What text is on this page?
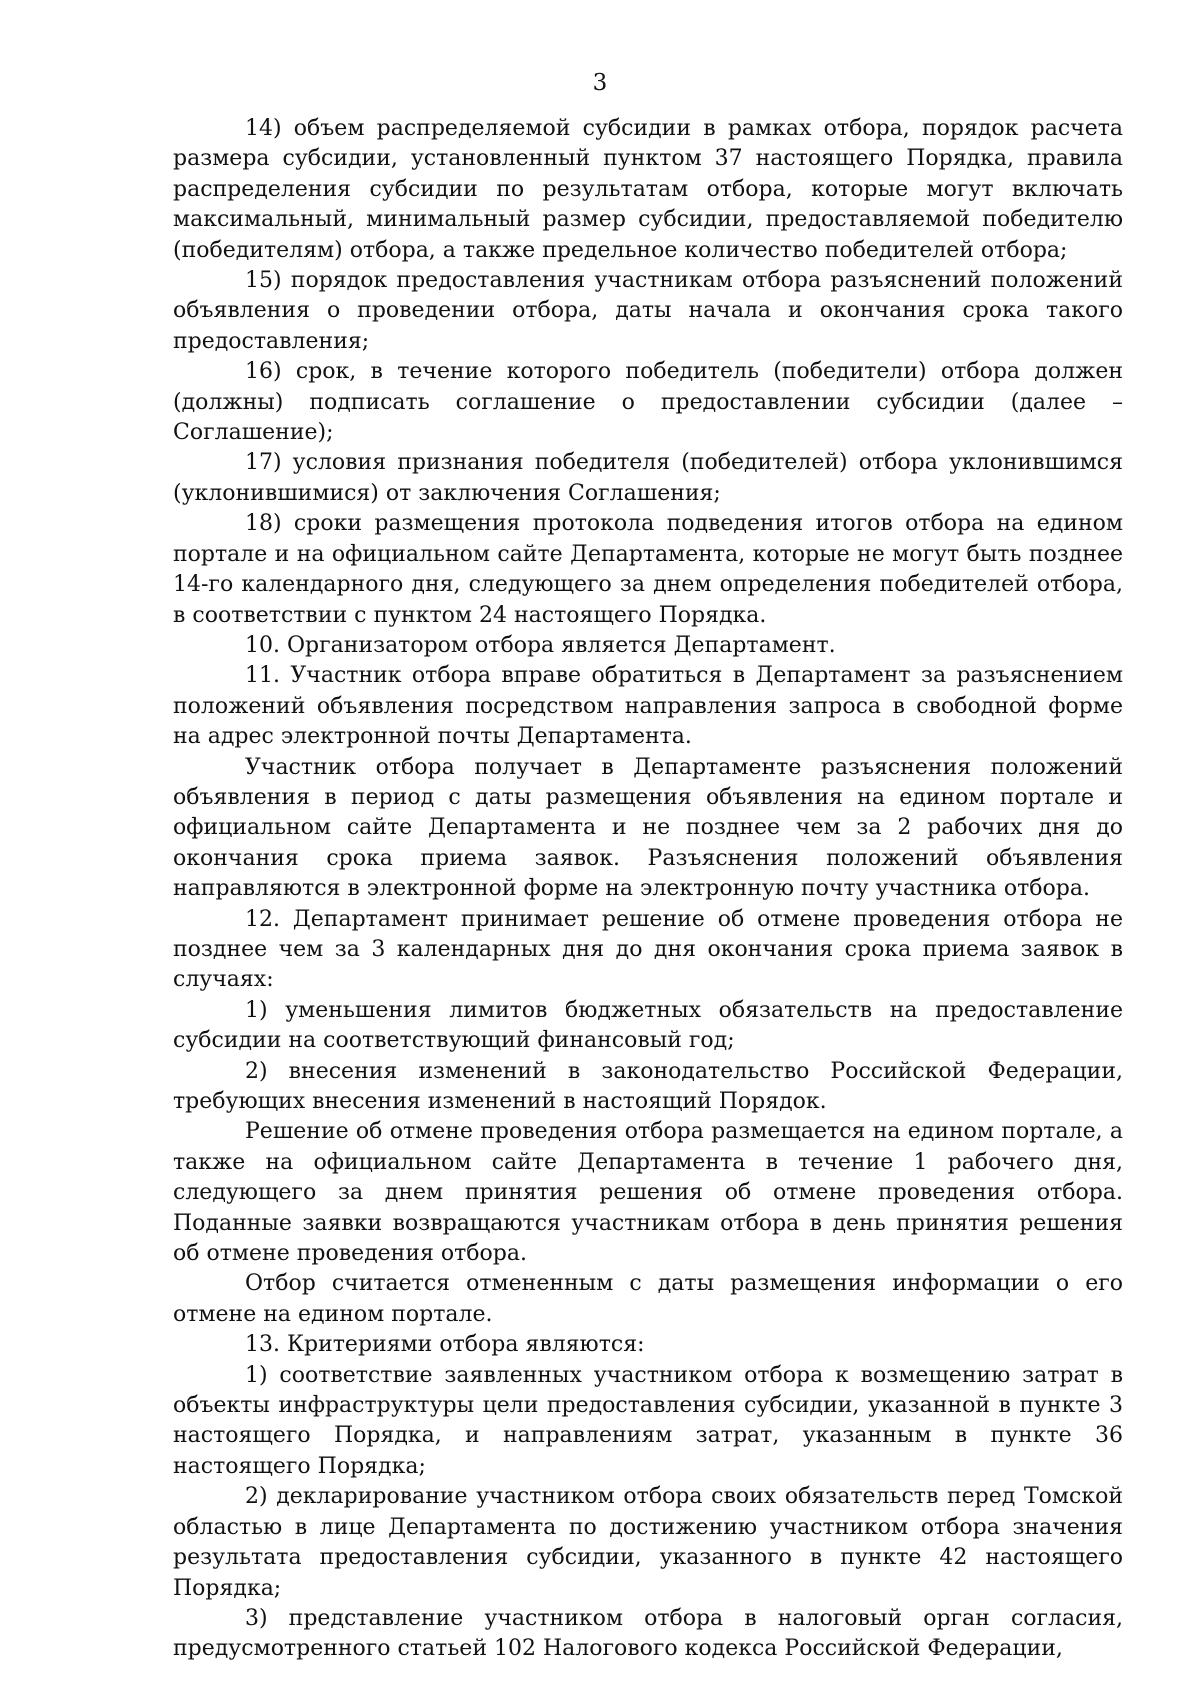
3

14) объем распределяемой субсидии в рамках отбора, порядок расчета размера субсидии, установленный пунктом 37 настоящего Порядка, правила распределения субсидии по результатам отбора, которые могут включать максимальный, минимальный размер субсидии, предоставляемой победителю (победителям) отбора, а также предельное количество победителей отбора;

15) порядок предоставления участникам отбора разъяснений положений объявления о проведении отбора, даты начала и окончания срока такого предоставления;

16) срок, в течение которого победитель (победители) отбора должен (должны) подписать соглашение о предоставлении субсидии (далее – Соглашение);

17) условия признания победителя (победителей) отбора уклонившимся (уклонившимися) от заключения Соглашения;

18) сроки размещения протокола подведения итогов отбора на едином портале и на официальном сайте Департамента, которые не могут быть позднее 14-го календарного дня, следующего за днем определения победителей отбора, в соответствии с пунктом 24 настоящего Порядка.

10. Организатором отбора является Департамент.

11. Участник отбора вправе обратиться в Департамент за разъяснением положений объявления посредством направления запроса в свободной форме на адрес электронной почты Департамента.

Участник отбора получает в Департаменте разъяснения положений объявления в период с даты размещения объявления на едином портале и официальном сайте Департамента и не позднее чем за 2 рабочих дня до окончания срока приема заявок. Разъяснения положений объявления направляются в электронной форме на электронную почту участника отбора.

12. Департамент принимает решение об отмене проведения отбора не позднее чем за 3 календарных дня до дня окончания срока приема заявок в случаях:

1) уменьшения лимитов бюджетных обязательств на предоставление субсидии на соответствующий финансовый год;

2) внесения изменений в законодательство Российской Федерации, требующих внесения изменений в настоящий Порядок.

Решение об отмене проведения отбора размещается на едином портале, а также на официальном сайте Департамента в течение 1 рабочего дня, следующего за днем принятия решения об отмене проведения отбора. Поданные заявки возвращаются участникам отбора в день принятия решения об отмене проведения отбора.

Отбор считается отмененным с даты размещения информации о его отмене на едином портале.

13. Критериями отбора являются:

1) соответствие заявленных участником отбора к возмещению затрат в объекты инфраструктуры цели предоставления субсидии, указанной в пункте 3 настоящего Порядка, и направлениям затрат, указанным в пункте 36 настоящего Порядка;

2) декларирование участником отбора своих обязательств перед Томской областью в лице Департамента по достижению участником отбора значения результата предоставления субсидии, указанного в пункте 42 настоящего Порядка;

3) представление участником отбора в налоговый орган согласия, предусмотренного статьей 102 Налогового кодекса Российской Федерации,
